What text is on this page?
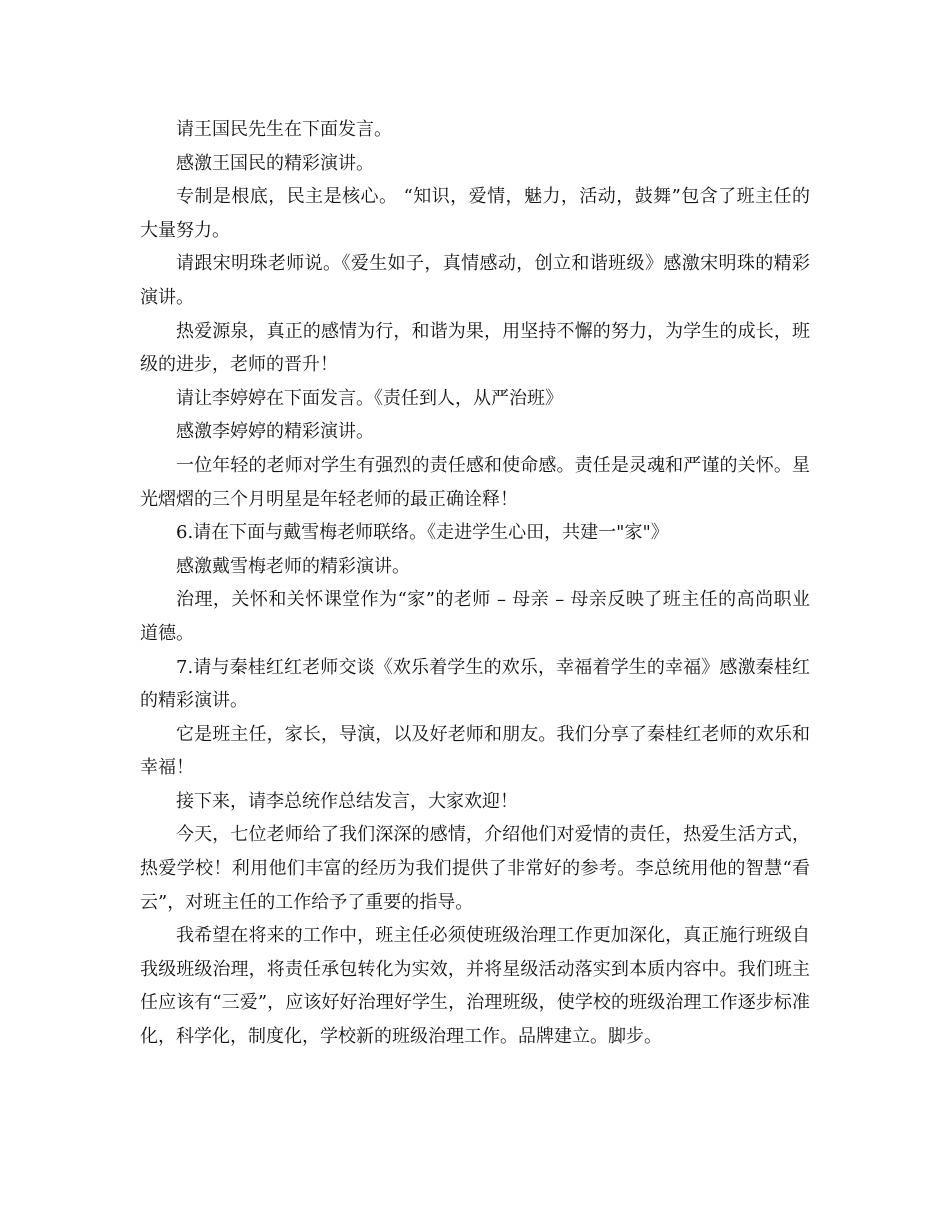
请王国民先生在下面发言。

感激王国民的精彩演讲。

专制是根底，民主是核心。 “知识，爱情，魅力，活动，鼓舞”包含了班主任的大量努力。

请跟宋明珠老师说。《爱生如子，真情感动，创立和谐班级》感激宋明珠的精彩演讲。

热爱源泉，真正的感情为行，和谐为果，用坚持不懈的努力，为学生的成长，班级的进步，老师的晋升！

请让李婷婷在下面发言。《责任到人，从严治班》

感激李婷婷的精彩演讲。

一位年轻的老师对学生有强烈的责任感和使命感。责任是灵魂和严谨的关怀。星光熠熠的三个月明星是年轻老师的最正确诠释！

6.请在下面与戴雪梅老师联络。《走进学生心田，共建一"家"》

感激戴雪梅老师的精彩演讲。

治理，关怀和关怀课堂作为“家”的老师 – 母亲 – 母亲反映了班主任的高尚职业道德。

7.请与秦桂红红老师交谈《欢乐着学生的欢乐，幸福着学生的幸福》感激秦桂红的精彩演讲。

它是班主任，家长，导演，以及好老师和朋友。我们分享了秦桂红老师的欢乐和幸福！

接下来，请李总统作总结发言，大家欢迎！

今天，七位老师给了我们深深的感情，介绍他们对爱情的责任，热爱生活方式，热爱学校！利用他们丰富的经历为我们提供了非常好的参考。李总统用他的智慧“看云”，对班主任的工作给予了重要的指导。

我希望在将来的工作中，班主任必须使班级治理工作更加深化，真正施行班级自我级班级治理，将责任承包转化为实效，并将星级活动落实到本质内容中。我们班主任应该有“三爱”，应该好好治理好学生，治理班级，使学校的班级治理工作逐步标准化，科学化，制度化，学校新的班级治理工作。品牌建立。脚步。
